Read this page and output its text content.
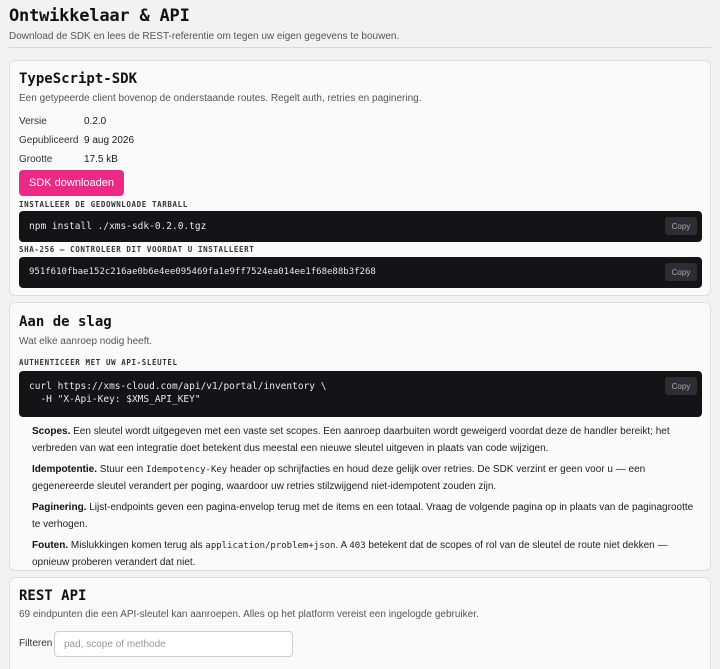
Ontwikkelaar & API
Download de SDK en lees de REST-referentie om tegen uw eigen gegevens te bouwen.
TypeScript-SDK
Een getypeerde client bovenop de onderstaande routes. Regelt auth, retries en paginering.
Versie	0.2.0
Gepubliceerd 9 aug 2026
Grootte	17.5 kB
SDK downloaden
INSTALLEER DE GEDOWNLOADE TARBALL
npm install ./xms-sdk-0.2.0.tgz	Copy
SHA-256 — CONTROLEER DIT VOORDAT U INSTALLEERT
951f610fbae152c216ae0b6e4ee095469fa1e9ff7524ea014ee1f68e88b3f268	Copy
Aan de slag
Wat elke aanroep nodig heeft.
AUTHENTICEER MET UW API-SLEUTEL
curl https://xms-cloud.com/api/v1/portal/inventory \
-H "X-Api-Key: $XMS_API_KEY"
Copy
Scopes. Een sleutel wordt uitgegeven met een vaste set scopes. Een aanroep daarbuiten wordt geweigerd voordat deze de handler bereikt; het verbreden van wat een integratie doet betekent dus meestal een nieuwe sleutel uitgeven in plaats van code wijzigen.
Idempotentie. Stuur een Idempotency-Key header op schrijfacties en houd deze gelijk over retries. De SDK verzint er geen voor u — een gegenereerde sleutel verandert per poging, waardoor uw retries stilzwijgend niet-idempotent zouden zijn.
Paginering. Lijst-endpoints geven een pagina-envelop terug met de items en een totaal. Vraag de volgende pagina op in plaats van de paginagrootte te verhogen.
Fouten. Mislukkingen komen terug als application/problem+json. A 403 betekent dat de scopes of rol van de sleutel de route niet dekken — opnieuw proberen verandert dat niet.
REST API
69 eindpunten die een API-sleutel kan aanroepen. Alles op het platform vereist een ingelogde gebruiker.
Filteren
pad, scope of methode
